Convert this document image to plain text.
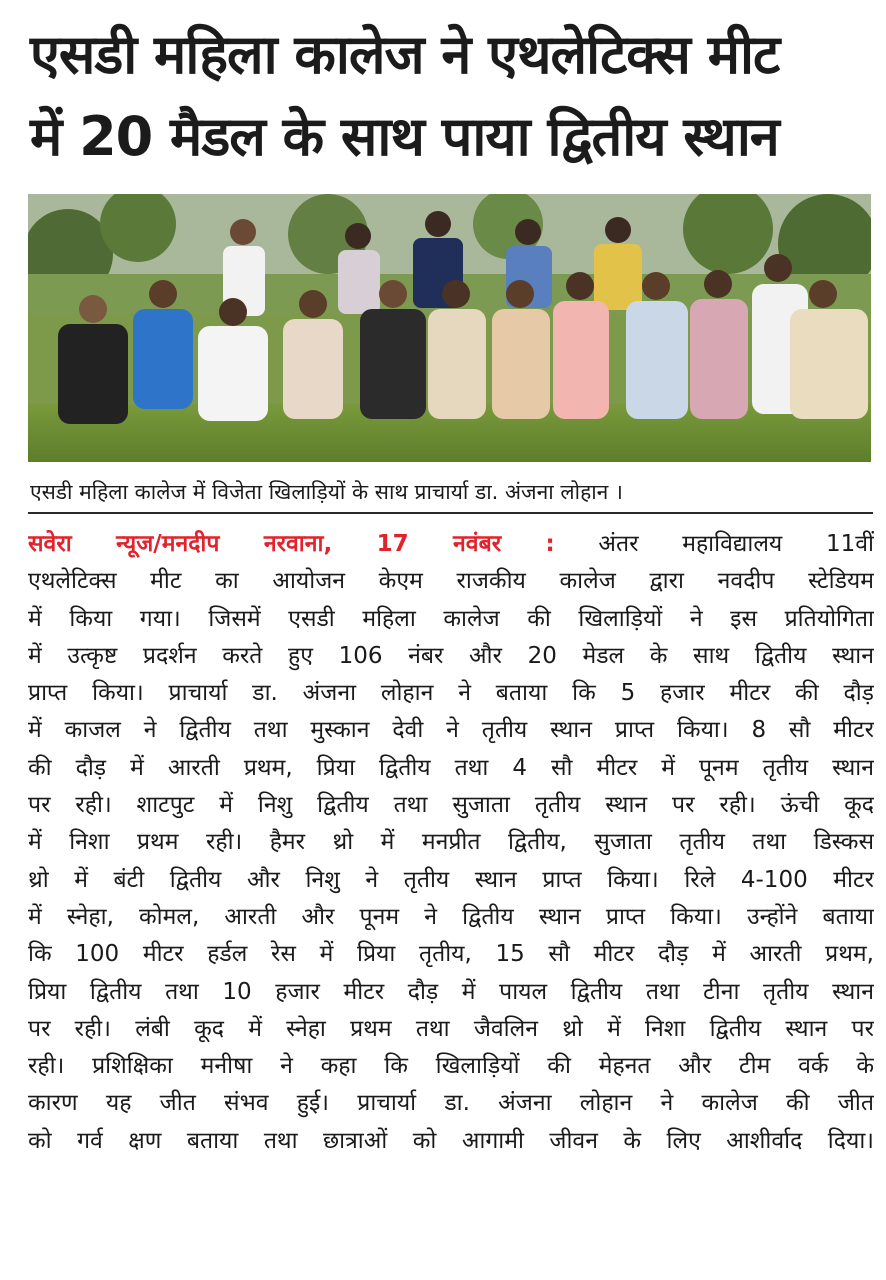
एसडी महिला कालेज ने एथलेटिक्स मीट
में 20 मैडल के साथ पाया द्वितीय स्थान
एसडी महिला कालेज में विजेता खिलाड़ियों के साथ प्राचार्या डा. अंजना लोहान ।
सवेरा न्यूज/मनदीप नरवाना, 17 नवंबर : अंतर महाविद्यालय 11वीं
एथलेटिक्स मीट का आयोजन केएम राजकीय कालेज द्वारा नवदीप स्टेडियम
में किया गया। जिसमें एसडी महिला कालेज की खिलाड़ियों ने इस प्रतियोगिता
में उत्कृष्ट प्रदर्शन करते हुए 106 नंबर और 20 मेडल के साथ द्वितीय स्थान
प्राप्त किया। प्राचार्या डा. अंजना लोहान ने बताया कि 5 हजार मीटर की दौड़
में काजल ने द्वितीय तथा मुस्कान देवी ने तृतीय स्थान प्राप्त किया। 8 सौ मीटर
की दौड़ में आरती प्रथम, प्रिया द्वितीय तथा 4 सौ मीटर में पूनम तृतीय स्थान
पर रही। शाटपुट में निशु द्वितीय तथा सुजाता तृतीय स्थान पर रही। ऊंची कूद
में निशा प्रथम रही। हैमर थ्रो में मनप्रीत द्वितीय, सुजाता तृतीय तथा डिस्कस
थ्रो में बंटी द्वितीय और निशु ने तृतीय स्थान प्राप्त किया। रिले 4-100 मीटर
में स्नेहा, कोमल, आरती और पूनम ने द्वितीय स्थान प्राप्त किया। उन्होंने बताया
कि 100 मीटर हर्डल रेस में प्रिया तृतीय, 15 सौ मीटर दौड़ में आरती प्रथम,
प्रिया द्वितीय तथा 10 हजार मीटर दौड़ में पायल द्वितीय तथा टीना तृतीय स्थान
पर रही। लंबी कूद में स्नेहा प्रथम तथा जैवलिन थ्रो में निशा द्वितीय स्थान पर
रही। प्रशिक्षिका मनीषा ने कहा कि खिलाड़ियों की मेहनत और टीम वर्क के
कारण यह जीत संभव हुई। प्राचार्या डा. अंजना लोहान ने कालेज की जीत
को गर्व क्षण बताया तथा छात्राओं को आगामी जीवन के लिए आशीर्वाद दिया।
